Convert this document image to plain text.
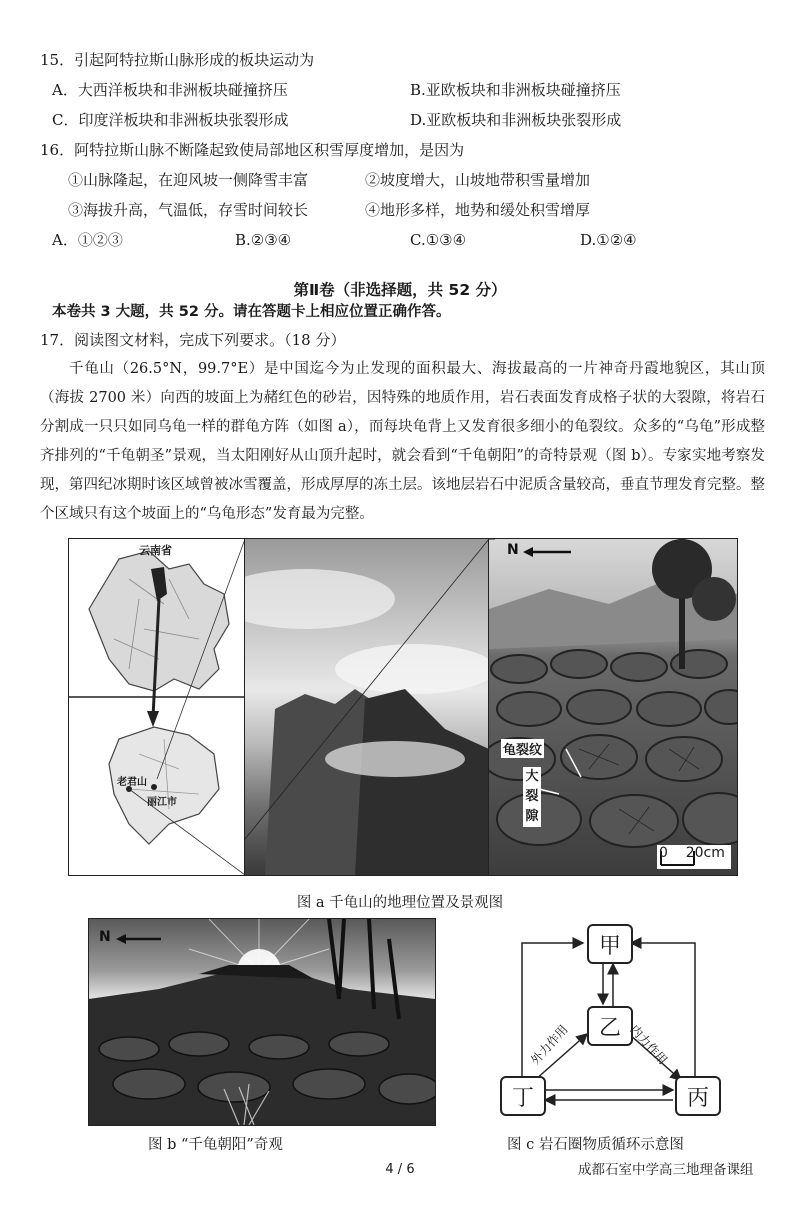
15．引起阿特拉斯山脉形成的板块运动为
A．大西洋板块和非洲板块碰撞挤压	B.亚欧板块和非洲板块碰撞挤压
C．印度洋板块和非洲板块张裂形成	D.亚欧板块和非洲板块张裂形成
16．阿特拉斯山脉不断隆起致使局部地区积雪厚度增加，是因为
①山脉隆起，在迎风坡一侧降雪丰富	②坡度增大，山坡地带积雪量增加
③海拔升高，气温低，存雪时间较长	④地形多样，地势和缓处积雪增厚
A．①②③	B.②③④	C.①③④	D.①②④
第Ⅱ卷（非选择题，共 52 分）
本卷共 3 大题，共 52 分。请在答题卡上相应位置正确作答。
17．阅读图文材料，完成下列要求。（18 分）
千龟山（26.5°N，99.7°E）是中国迄今为止发现的面积最大、海拔最高的一片神奇丹霞地貌区，其山顶（海拔 2700 米）向西的坡面上为赭红色的砂岩，因特殊的地质作用，岩石表面发育成格子状的大裂隙，将岩石分割成一只只如同乌龟一样的群龟方阵（如图 a），而每块龟背上又发育很多细小的龟裂纹。众多的“乌龟”形成整齐排列的“千龟朝圣”景观，当太阳刚好从山顶升起时，就会看到“千龟朝阳”的奇特景观（图 b）。专家实地考察发现，第四纪冰期时该区域曾被冰雪覆盖，形成厚厚的冻土层。该地层岩石中泥质含量较高，垂直节理发育完整。整个区域只有这个坡面上的“乌龟形态”发育最为完整。
云南省
老君山
丽江市
N
龟裂纹
大裂隙
0    20cm
图 a 千龟山的地理位置及景观图
N
图 b “千龟朝阳”奇观
甲
乙
丙
丁
外力作用	内力作用
图 c 岩石圈物质循环示意图
4 / 6	成都石室中学高三地理备课组
